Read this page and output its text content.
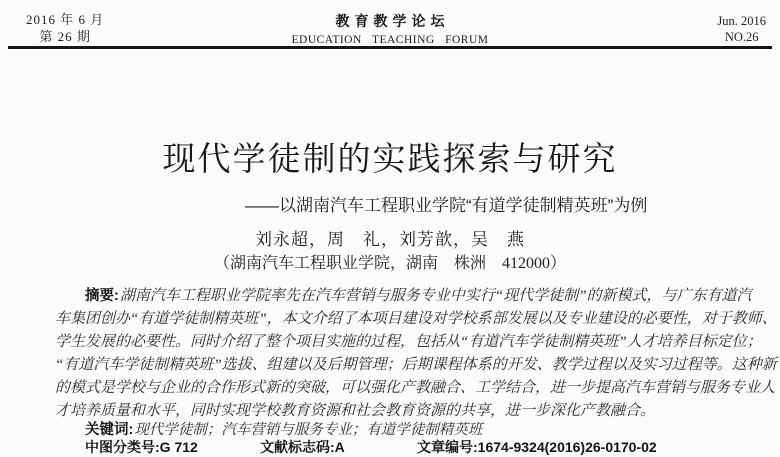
2016 年 6 月
第 26 期
教育教学论坛
EDUCATION TEACHING FORUM
Jun. 2016
NO.26
现代学徒制的实践探索与研究
——以湖南汽车工程职业学院“有道学徒制精英班”为例
刘永超，周　礼，刘芳歆，吴　燕
（湖南汽车工程职业学院，湖南　株洲　412000）
摘要:湖南汽车工程职业学院率先在汽车营销与服务专业中实行“现代学徒制”的新模式，与广东有道汽
车集团创办“有道学徒制精英班”，本文介绍了本项目建设对学校系部发展以及专业建设的必要性，对于教师、
学生发展的必要性。同时介绍了整个项目实施的过程，包括从“有道汽车学徒制精英班”人才培养目标定位；
“有道汽车学徒制精英班”选拔、组建以及后期管理；后期课程体系的开发、教学过程以及实习过程等。这种新
的模式是学校与企业的合作形式新的突破，可以强化产教融合、工学结合，进一步提高汽车营销与服务专业人
才培养质量和水平，同时实现学校教育资源和社会教育资源的共享，进一步深化产教融合。
关键词:现代学徒制；汽车营销与服务专业；有道学徒制精英班
中图分类号:G 712	文献标志码:A	文章编号:1674-9324(2016)26-0170-02
